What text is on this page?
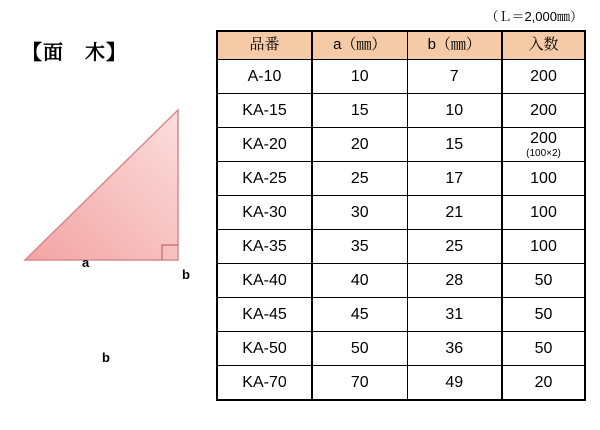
【面　木】
a
b
b
（Ｌ＝2,000㎜）
品番	a（㎜）	b（㎜）	入数
A-10	10	7	200

KA-15	15	10	200

KA-20	20	15	200
(100×2)

KA-25	25	17	100

KA-30	30	21	100

KA-35	35	25	100

KA-40	40	28	50

KA-45	45	31	50

KA-50	50	36	50

KA-70	70	49	20
